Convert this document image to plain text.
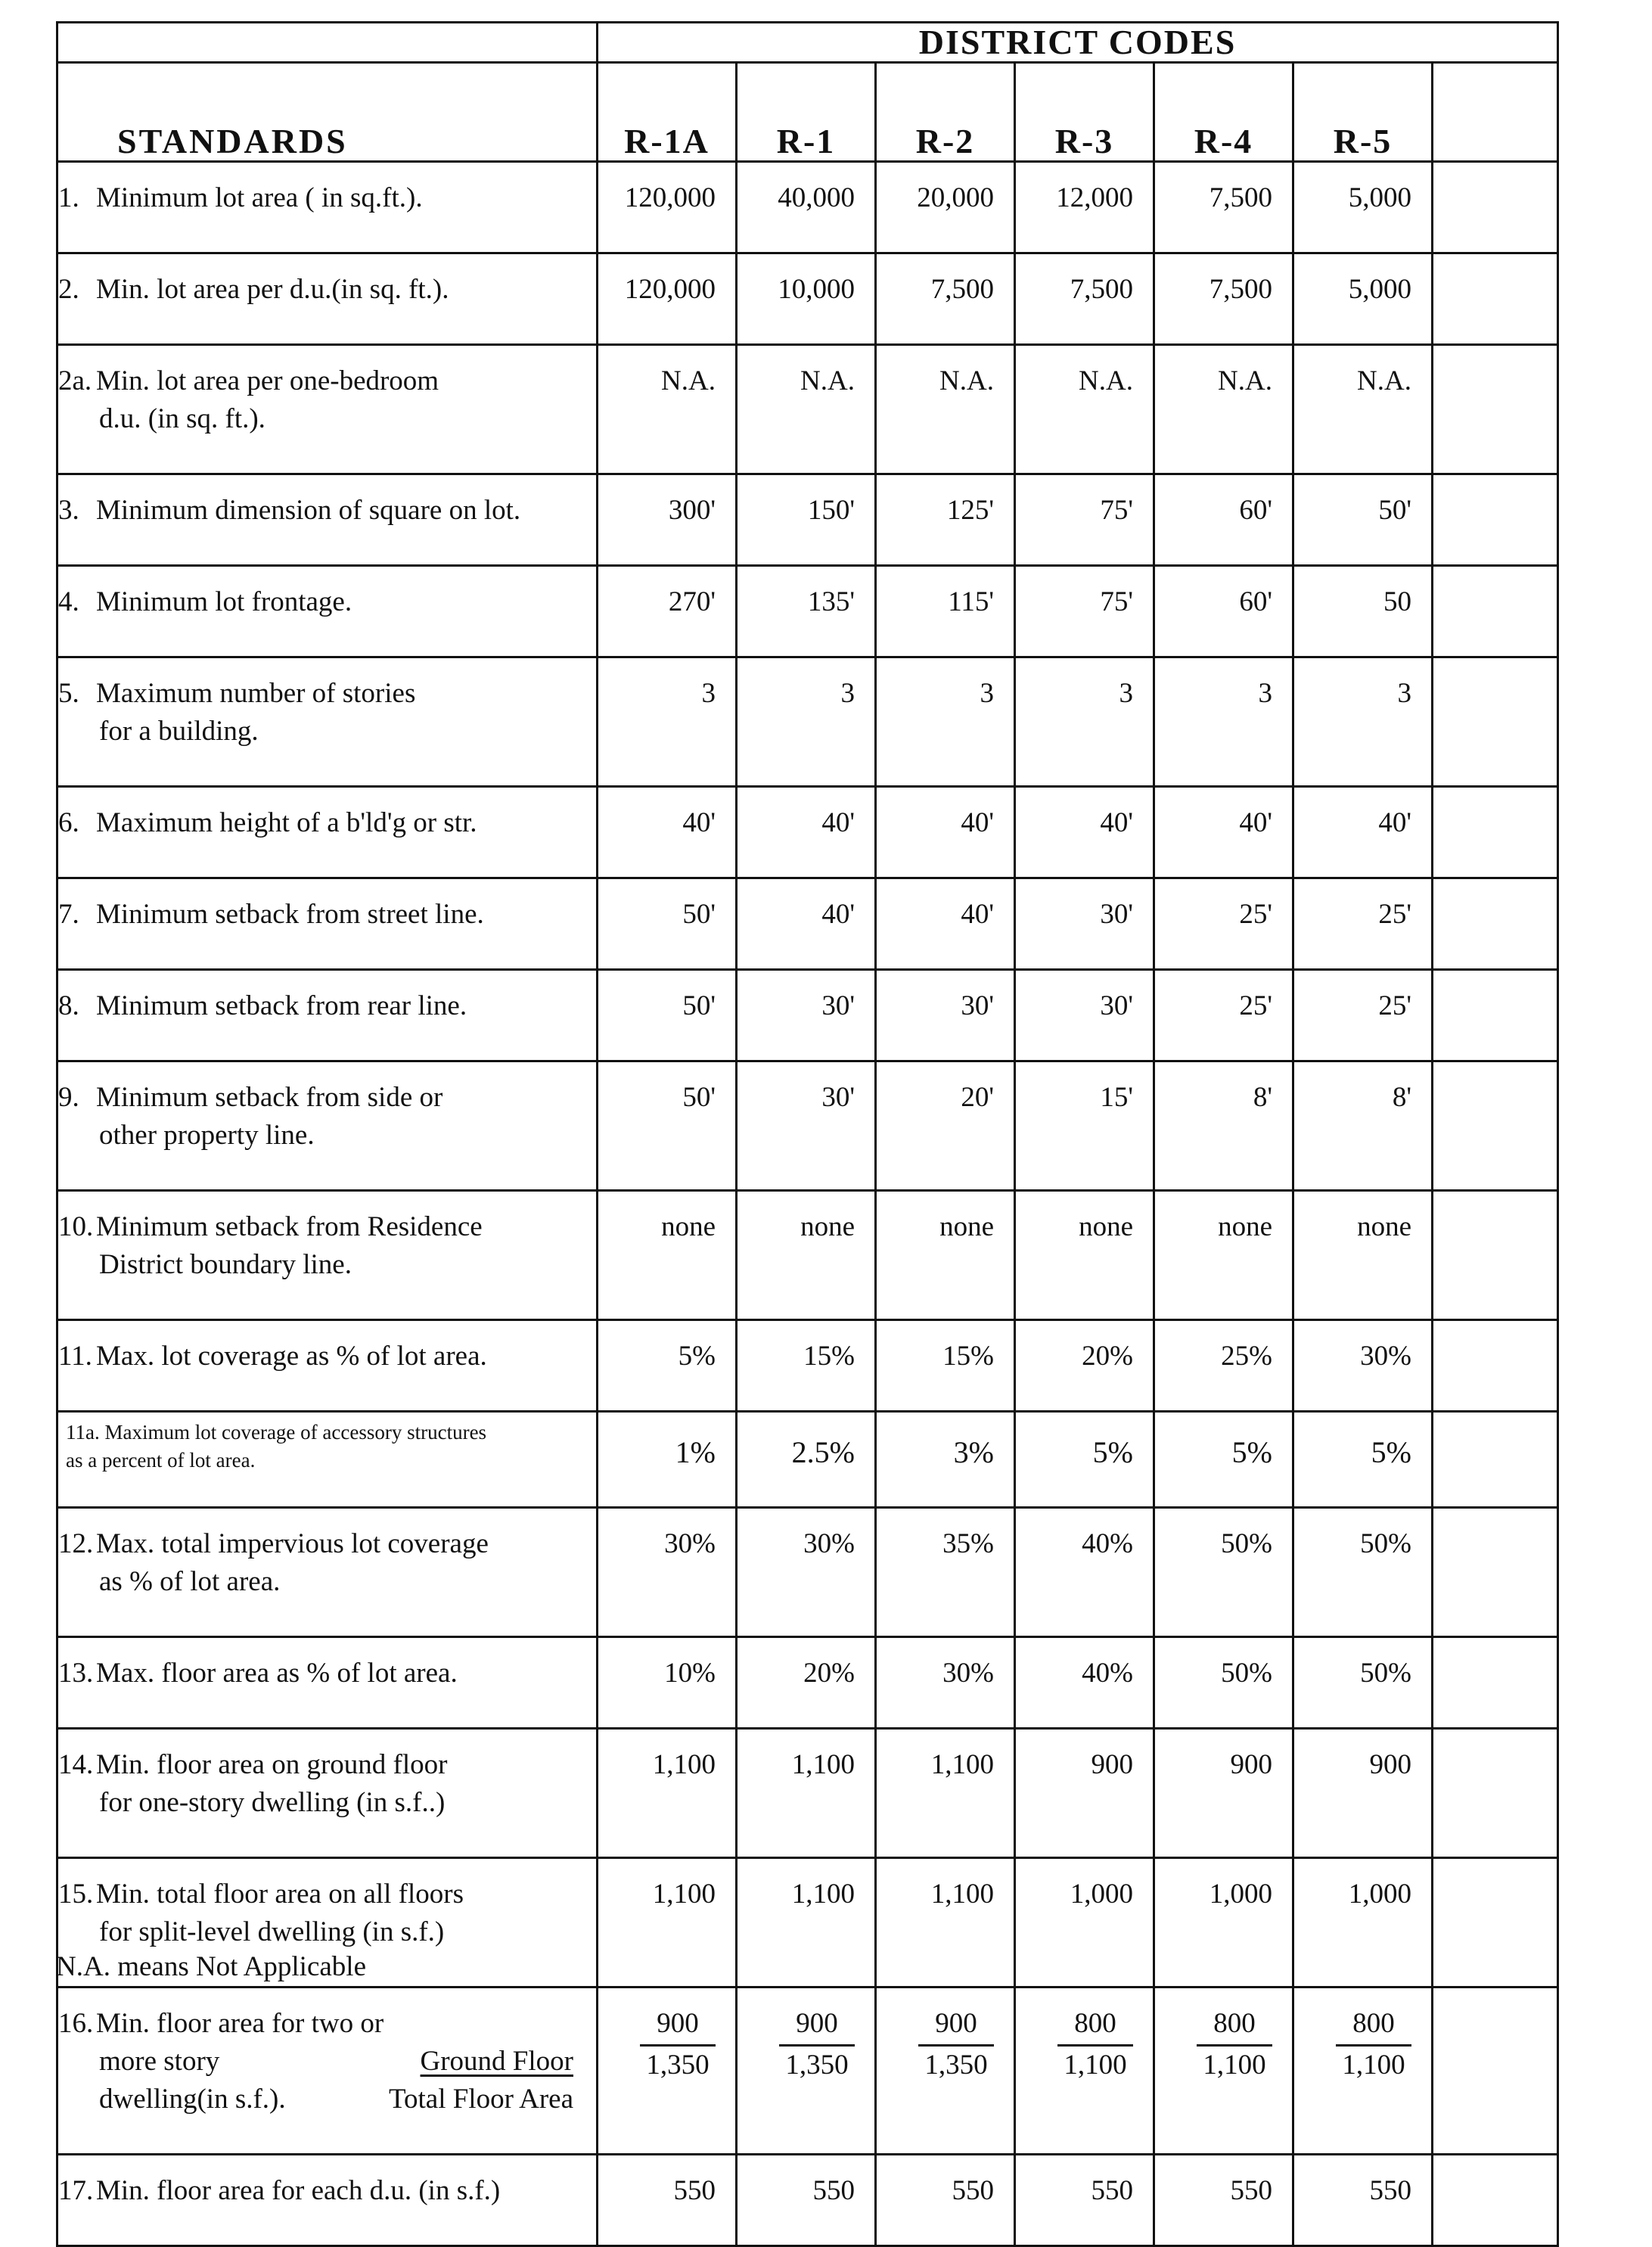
	DISTRICT CODES						
STANDARDS	R-1A	R-1	R-2	R-3	R-4	R-5	
1. Minimum lot area ( in sq.ft.).	120,000	40,000	20,000	12,000	7,500	5,000	
2. Min. lot area per d.u.(in sq. ft.).	120,000	10,000	7,500	7,500	7,500	5,000	
2a. Min. lot area per one-bedroom
d.u. (in sq. ft.).	N.A.	N.A.	N.A.	N.A.	N.A.	N.A.	
3. Minimum dimension of square on lot.	300'	150'	125'	75'	60'	50'	
4. Minimum lot frontage.	270'	135'	115'	75'	60'	50	
5. Maximum number of stories
for a building.	3	3	3	3	3	3	
6. Maximum height of a b'ld'g or str.	40'	40'	40'	40'	40'	40'	
7. Minimum setback from street line.	50'	40'	40'	30'	25'	25'	
8. Minimum setback from rear line.	50'	30'	30'	30'	25'	25'	
9. Minimum setback from side or
other property line.	50'	30'	20'	15'	8'	8'	
10. Minimum setback from Residence
District boundary line.	none	none	none	none	none	none	
11. Max. lot coverage as % of lot area.	5%	15%	15%	20%	25%	30%	
11a. Maximum lot coverage of accessory structures
as a percent of lot area.	1%	2.5%	3%	5%	5%	5%	
12. Max. total impervious lot coverage
as % of lot area.	30%	30%	35%	40%	50%	50%	
13. Max. floor area as % of lot area.	10%	20%	30%	40%	50%	50%	
14. Min. floor area on ground floor
for one-story dwelling (in s.f..)	1,100	1,100	1,100	900	900	900	
15. Min. total floor area on all floors
for split-level dwelling (in s.f.)	1,100	1,100	1,100	1,000	1,000	1,000	
16. Min. floor area for two or
more story
dwelling(in s.f.).
Ground Floor
Total Floor Area	$\frac{900}{1,350}$	$\frac{900}{1,350}$	$\frac{900}{1,350}$	$\frac{800}{1,100}$	$\frac{800}{1,100}$	$\frac{800}{1,100}$

17. Min. floor area for each d.u. (in s.f.)	550	550	550	550	550	550	
N.A. means Not Applicable
